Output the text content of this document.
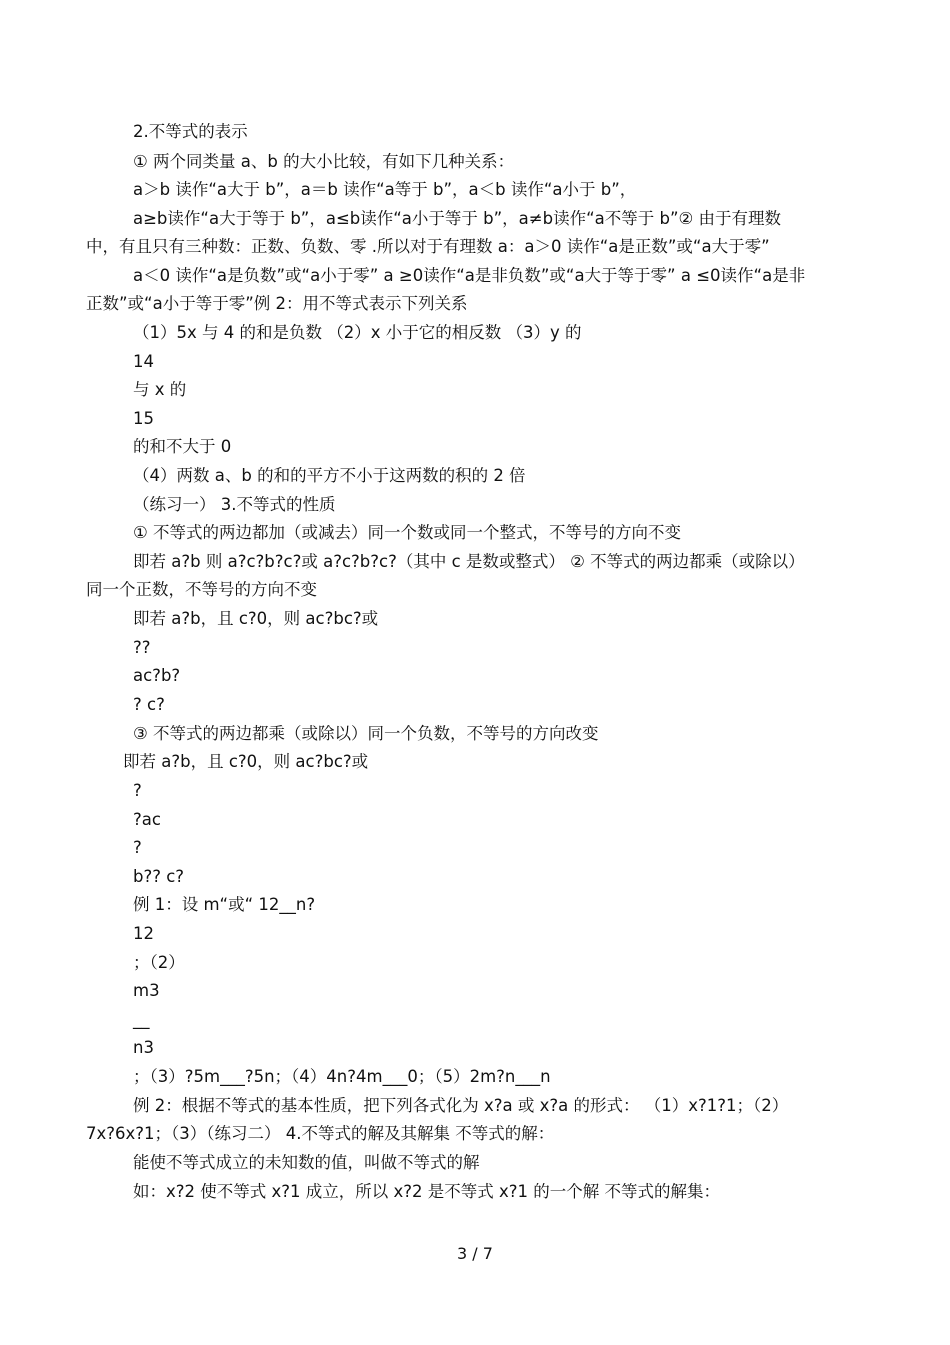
2.不等式的表示
① 两个同类量 a、b 的大小比较，有如下几种关系：
a＞b 读作“a大于 b”，a＝b 读作“a等于 b”，a＜b 读作“a小于 b”，
a≥b读作“a大于等于 b”，a≤b读作“a小于等于 b”，a≠b读作“a不等于 b”② 由于有理数
中，有且只有三种数：正数、负数、零 .所以对于有理数 a：a＞0 读作“a是正数”或“a大于零”
a＜0 读作“a是负数”或“a小于零” a ≥0读作“a是非负数”或“a大于等于零” a ≤0读作“a是非
正数”或“a小于等于零”例 2：用不等式表示下列关系
（1）5x 与 4 的和是负数 （2）x 小于它的相反数 （3）y 的
14
与 x 的
15
的和不大于 0
（4）两数 a、b 的和的平方不小于这两数的积的 2 倍
（练习一） 3.不等式的性质
① 不等式的两边都加（或减去）同一个数或同一个整式，不等号的方向不变
即若 a?b 则 a?c?b?c?或 a?c?b?c?（其中 c 是数或整式） ② 不等式的两边都乘（或除以）
同一个正数，不等号的方向不变
即若 a?b，且 c?0，则 ac?bc?或
??
ac?b?
? c?
③ 不等式的两边都乘（或除以）同一个负数，不等号的方向改变
即若 a?b，且 c?0，则 ac?bc?或
?
?ac
?
b?? c?
例 1：设 m“或“ 12__n?
12
；（2）
m3
__
n3
；（3）?5m___?5n；（4）4n?4m___0；（5）2m?n___n
例 2：根据不等式的基本性质，把下列各式化为 x?a 或 x?a 的形式： （1）x?1?1；（2）
7x?6x?1；（3）（练习二） 4.不等式的解及其解集 不等式的解：
能使不等式成立的未知数的值，叫做不等式的解
如：x?2 使不等式 x?1 成立，所以 x?2 是不等式 x?1 的一个解 不等式的解集：
3 / 7
